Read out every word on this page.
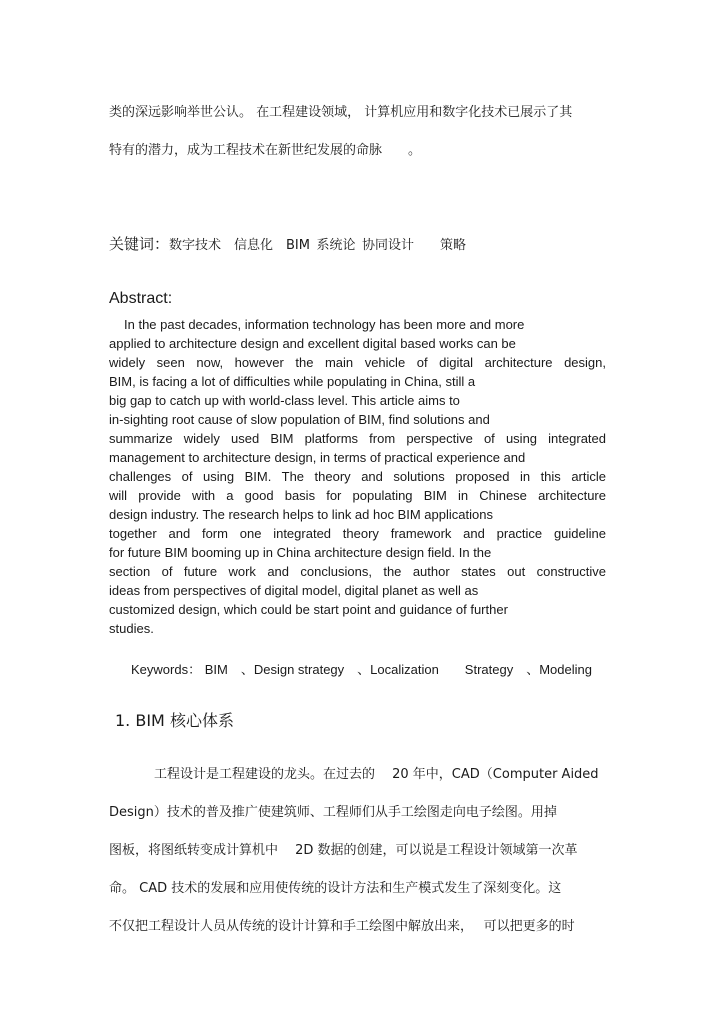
类的深远影响举世公认。 在工程建设领域， 计算机应用和数字化技术已展示了其

特有的潜力，成为工程技术在新世纪发展的命脉　　。

关键词：数字技术 信息化 BIM 系统论 协同设计  策略

Abstract:

In the past decades, information technology has been more and more

applied to architecture design and excellent digital based works can be

widely seen now, however the main vehicle of digital architecture design,

BIM, is facing a lot of difficulties while populating in China, still a

big gap to catch up with world-class level. This article aims to

in-sighting root cause of slow population of BIM, find solutions and

summarize widely used BIM platforms from perspective of using integrated

management to architecture design, in terms of practical experience and

challenges of using BIM. The theory and solutions proposed in this article

will provide with a good basis for populating BIM in Chinese architecture

design industry. The research helps to link ad hoc BIM applications

together and form one integrated theory framework and practice guideline

for future BIM booming up in China architecture design field. In the

section of future work and conclusions, the author states out constructive

ideas from perspectives of digital model, digital planet as well as

customized design, which could be start point and guidance of further

studies.

Keywords： BIM　、Design strategy　、Localization　　Strategy　、Modeling
1. BIM 核心体系

工程设计是工程建设的龙头。在过去的　 20 年中，CAD（Computer Aided

Design）技术的普及推广使建筑师、工程师们从手工绘图走向电子绘图。用掉

图板，将图纸转变成计算机中　 2D 数据的创建，可以说是工程设计领域第一次革

命。 CAD 技术的发展和应用使传统的设计方法和生产模式发生了深刻变化。这

不仅把工程设计人员从传统的设计计算和手工绘图中解放出来，　 可以把更多的时
